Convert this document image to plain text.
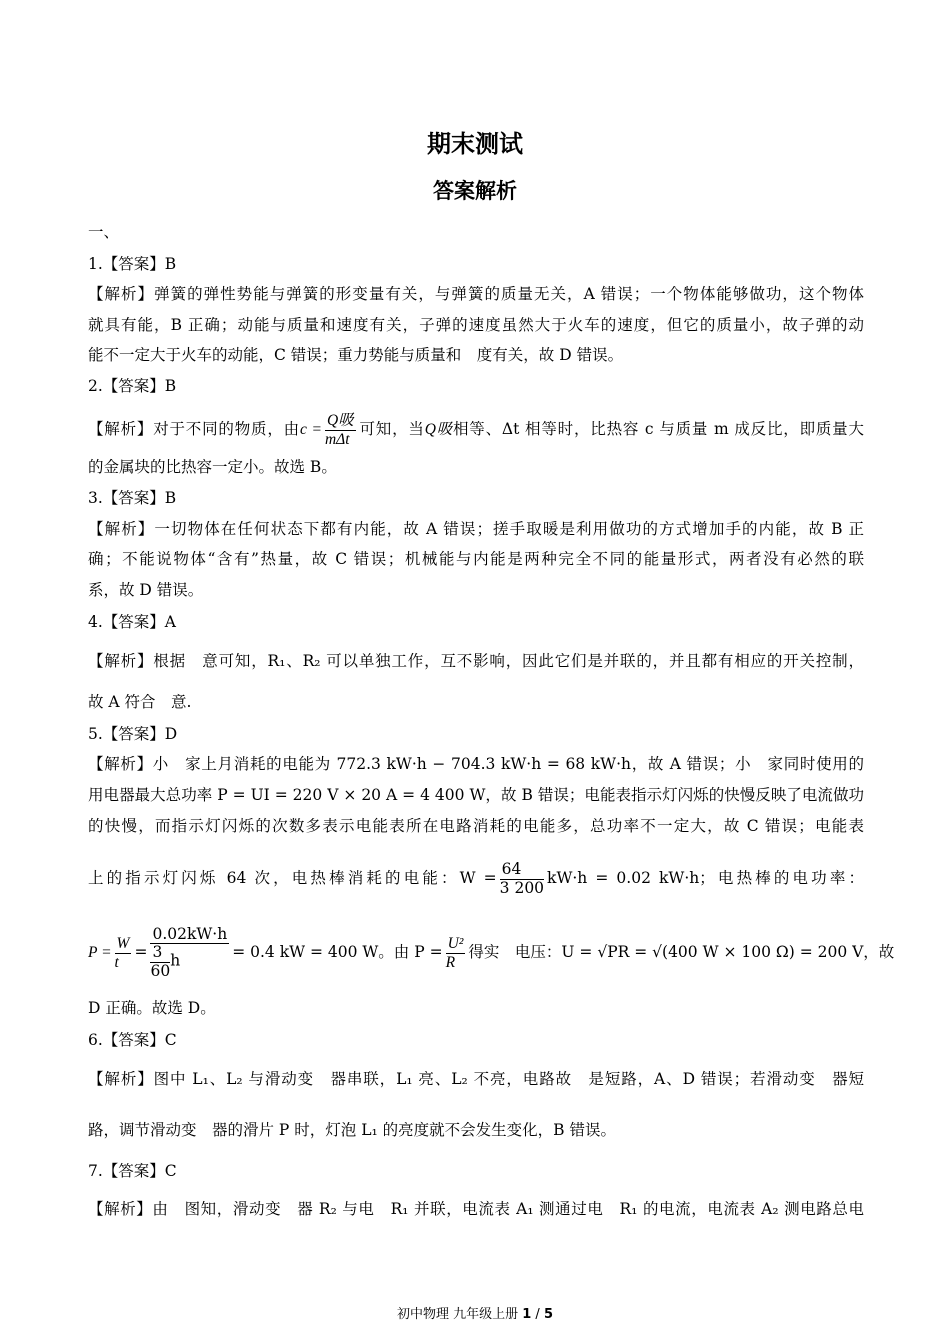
期末测试
答案解析
一、
1.【答案】B
【解析】弹簧的弹性势能与弹簧的形变量有关，与弹簧的质量无关，A 错误；一个物体能够做功，这个物体
就具有能，B 正确；动能与质量和速度有关，子弹的速度虽然大于火车的速度，但它的质量小，故子弹的动
能不一定大于火车的动能，C 错误；重力势能与质量和　度有关，故 D 错误。
2.【答案】B
【解析】对于不同的物质，由c =
Q吸
mΔt
可知，当Q吸相等、Δt 相等时，比热容 c 与质量 m 成反比，即质量大
的金属块的比热容一定小。故选 B。
3.【答案】B
【解析】一切物体在任何状态下都有内能，故 A 错误；搓手取暖是利用做功的方式增加手的内能，故 B 正
确；不能说物体“含有”热量，故 C 错误；机械能与内能是两种完全不同的能量形式，两者没有必然的联
系，故 D 错误。
4.【答案】A
【解析】根据　意可知，R₁、R₂ 可以单独工作，互不影响，因此它们是并联的，并且都有相应的开关控制，
故 A 符合　意.
5.【答案】D
【解析】小　家上月消耗的电能为 772.3 kW·h − 704.3 kW·h = 68 kW·h，故 A 错误；小　家同时使用的
用电器最大总功率 P = UI = 220 V × 20 A = 4 400 W，故 B 错误；电能表指示灯闪烁的快慢反映了电流做功
的快慢，而指示灯闪烁的次数多表示电能表所在电路消耗的电能多，总功率不一定大，故 C 错误；电能表
上的指示灯闪烁 64 次，电热棒消耗的电能：$W = \frac{64}{3 200} kW\cdot h = 0.02$ kW·h；电热棒的电功率：
$P = \frac{W}{t} = \frac{0.02kW\cdot h}{\frac{3}{60} h} = 0.4$ kW = 400 W。由 $P = \frac{\text{U²}}{R}$ 得实　电压：U = √PR = √(400 W × 100 Ω) = 200 V，故
D 正确。故选 D。
6.【答案】C
【解析】图中 L₁、L₂ 与滑动变　器串联，L₁ 亮、L₂ 不亮，电路故　是短路，A、D 错误；若滑动变　器短
路，调节滑动变　器的滑片 P 时，灯泡 L₁ 的亮度就不会发生变化，B 错误。
7.【答案】C
【解析】由　图知，滑动变　器 R₂ 与电　R₁ 并联，电流表 A₁ 测通过电　R₁ 的电流，电流表 A₂ 测电路总电
初中物理 九年级上册 1 / 5
